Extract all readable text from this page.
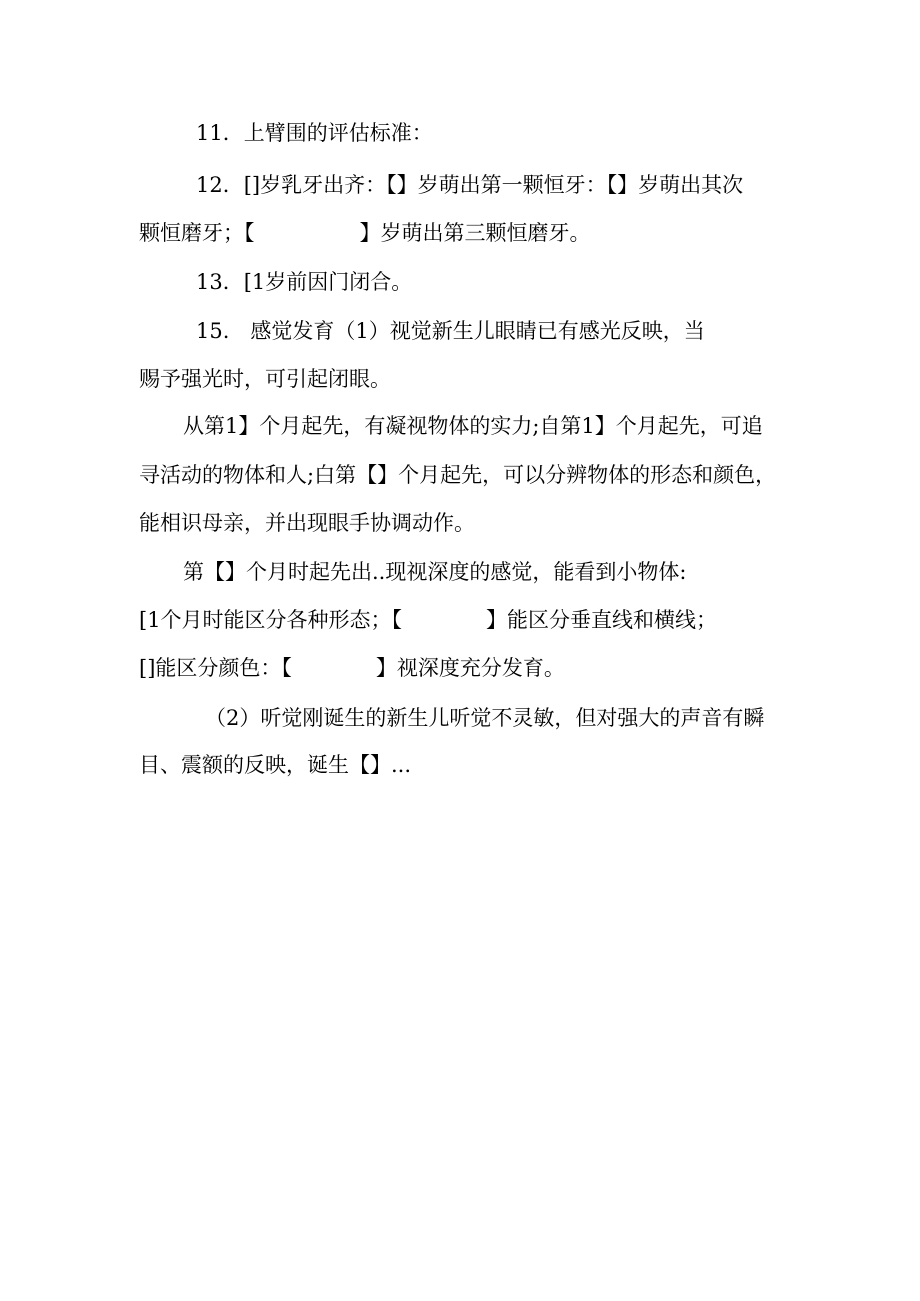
11．上臂围的评估标准：
12．[]岁乳牙出齐：【】岁萌出第一颗恒牙：【】岁萌出其次
颗恒磨牙；【　　　　　】岁萌出第三颗恒磨牙。
13．[1岁前因门闭合。
15.　感觉发育（1）视觉新生儿眼睛已有感光反映，当
赐予强光时，可引起闭眼。
从第1】个月起先，有凝视物体的实力;自第1】个月起先，可追
寻活动的物体和人;白第【】个月起先，可以分辨物体的形态和颜色，
能相识母亲，并出现眼手协调动作。
第【】个月时起先出..现视深度的感觉，能看到小物体:
[1个月时能区分各种形态；【　　　　】能区分垂直线和横线；
[]能区分颜色：【　　　　】视深度充分发育。
（2）听觉刚诞生的新生儿听觉不灵敏，但对强大的声音有瞬
目、震额的反映，诞生【】...
